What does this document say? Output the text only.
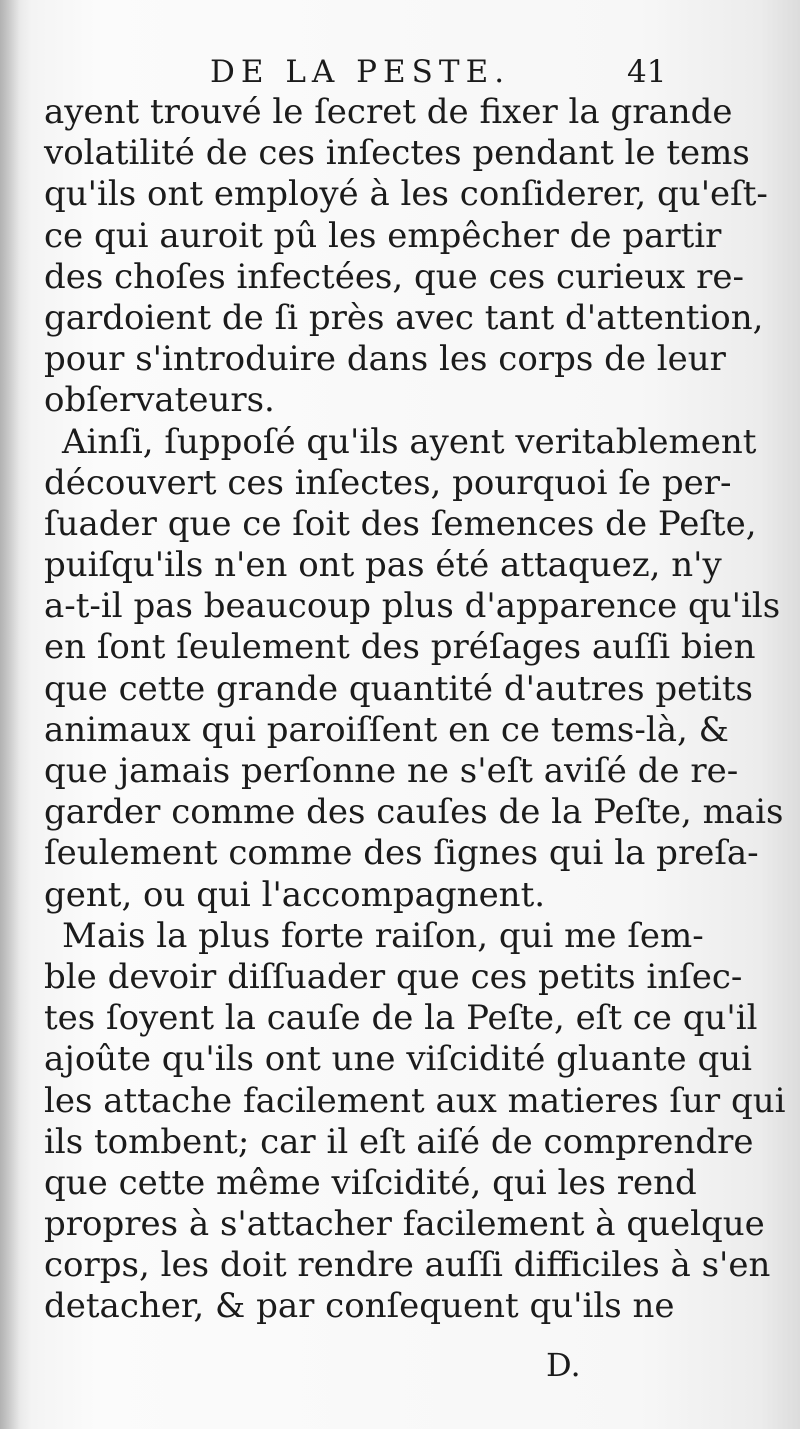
DE LA PESTE.	41
ayent trouvé le ſecret de fixer la grande
volatilité de ces inſectes pendant le tems
qu'ils ont employé à les conſiderer, qu'eſt-
ce qui auroit pû les empêcher de partir
des choſes infectées, que ces curieux re-
gardoient de ſi près avec tant d'attention,
pour s'introduire dans les corps de leur
obſervateurs.
Ainſi, ſuppoſé qu'ils ayent veritablement
découvert ces inſectes, pourquoi ſe per-
ſuader que ce ſoit des ſemences de Peſte,
puiſqu'ils n'en ont pas été attaquez, n'y
a-t-il pas beaucoup plus d'apparence qu'ils
en ſont ſeulement des préſages auſſi bien
que cette grande quantité d'autres petits
animaux qui paroiſſent en ce tems-là, &
que jamais perſonne ne s'eſt aviſé de re-
garder comme des cauſes de la Peſte, mais
ſeulement comme des ſignes qui la preſa-
gent, ou qui l'accompagnent.
Mais la plus forte raiſon, qui me ſem-
ble devoir diſſuader que ces petits inſec-
tes ſoyent la cauſe de la Peſte, eſt ce qu'il
ajoûte qu'ils ont une viſcidité gluante qui
les attache facilement aux matieres ſur qui
ils tombent; car il eſt aiſé de comprendre
que cette même viſcidité, qui les rend
propres à s'attacher facilement à quelque
corps, les doit rendre auſſi difficiles à s'en
detacher, & par conſequent qu'ils ne
D.
